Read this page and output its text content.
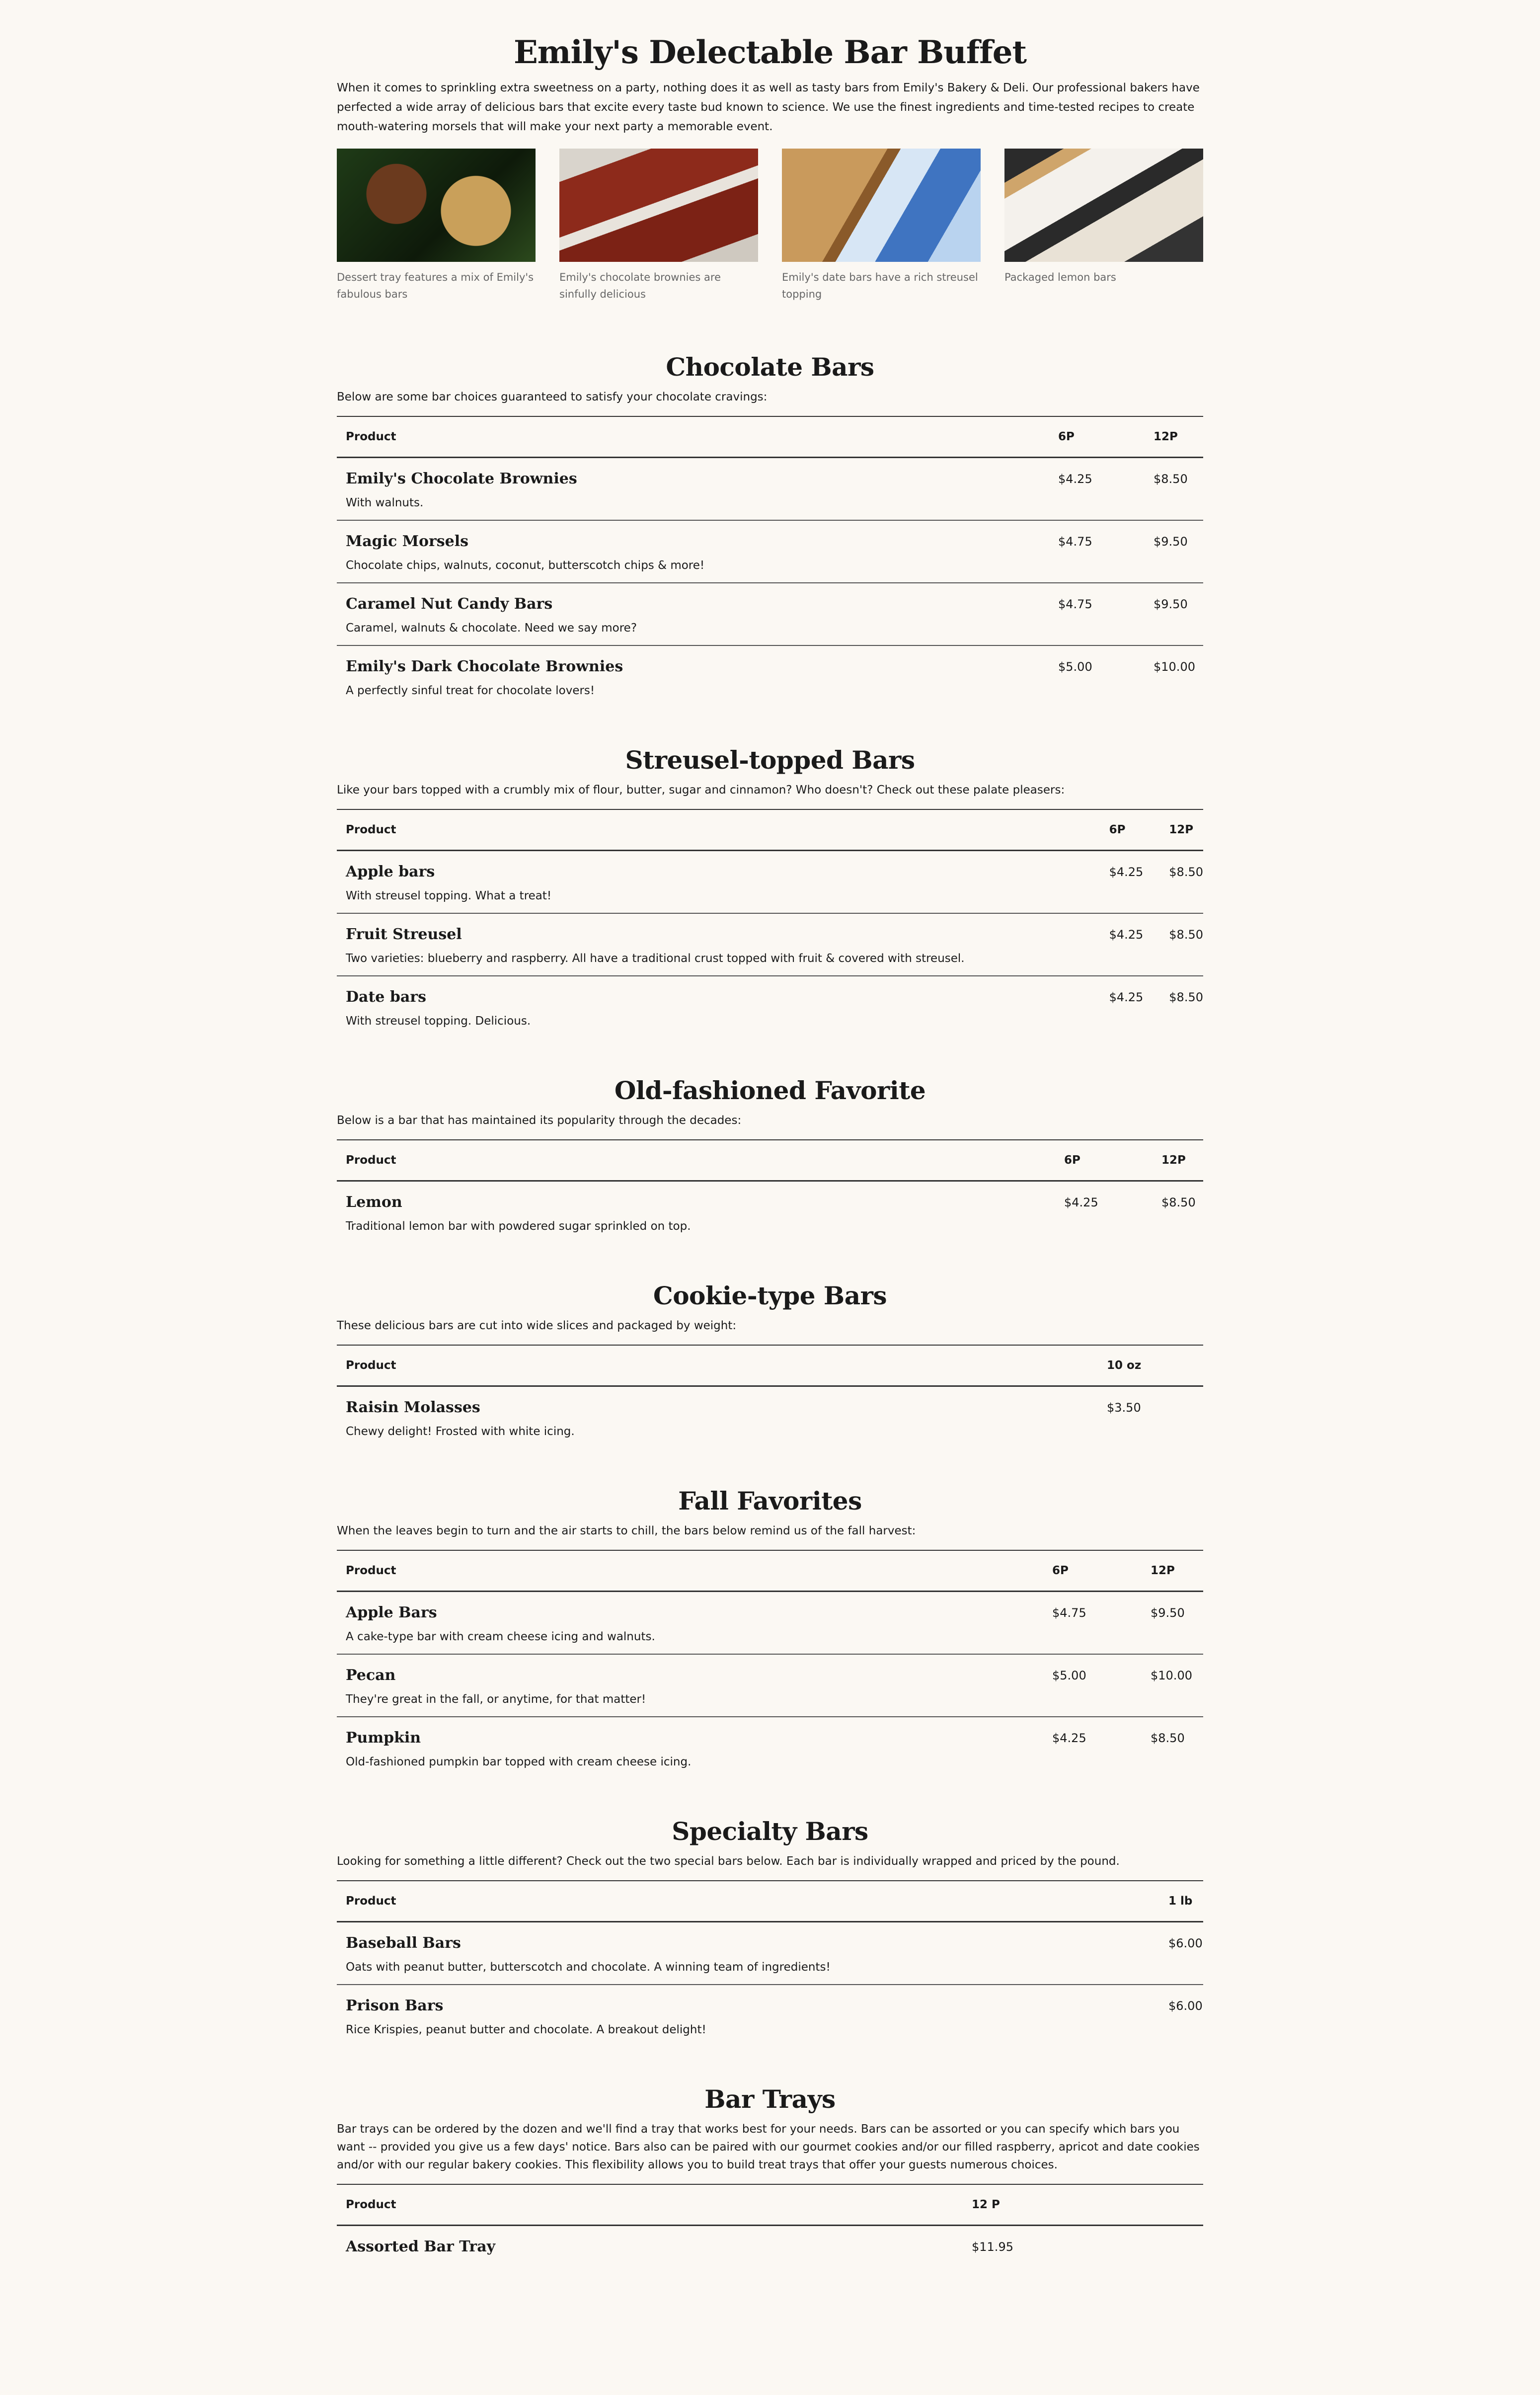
Emily's Delectable Bar Buffet

When it comes to sprinkling extra sweetness on a party, nothing does it as well as tasty bars from Emily's Bakery & Deli. Our professional bakers have perfected a wide array of delicious bars that excite every taste bud known to science. We use the finest ingredients and time-tested recipes to create mouth-watering morsels that will make your next party a memorable event.

Dessert tray features a mix of Emily's fabulous bars
Emily's chocolate brownies are sinfully delicious
Emily's date bars have a rich streusel topping
Packaged lemon bars
Chocolate Bars

Below are some bar choices guaranteed to satisfy your chocolate cravings:

Product	6P	12P

Emily's Chocolate Brownies
With walnuts.	$4.25	$8.50

Magic Morsels
Chocolate chips, walnuts, coconut, butterscotch chips & more!	$4.75	$9.50

Caramel Nut Candy Bars
Caramel, walnuts & chocolate. Need we say more?	$4.75	$9.50

Emily's Dark Chocolate Brownies
A perfectly sinful treat for chocolate lovers!	$5.00	$10.00
Streusel-topped Bars

Like your bars topped with a crumbly mix of flour, butter, sugar and cinnamon? Who doesn't? Check out these palate pleasers:

Product	6P	12P

Apple bars
With streusel topping. What a treat!	$4.25	$8.50

Fruit Streusel
Two varieties: blueberry and raspberry. All have a traditional crust topped with fruit & covered with streusel.	$4.25	$8.50

Date bars
With streusel topping. Delicious.	$4.25	$8.50
Old-fashioned Favorite

Below is a bar that has maintained its popularity through the decades:

Product	6P	12P

Lemon
Traditional lemon bar with powdered sugar sprinkled on top.	$4.25	$8.50
Cookie-type Bars

These delicious bars are cut into wide slices and packaged by weight:

Product	10 oz

Raisin Molasses
Chewy delight! Frosted with white icing.	$3.50
Fall Favorites

When the leaves begin to turn and the air starts to chill, the bars below remind us of the fall harvest:

Product	6P	12P

Apple Bars
A cake-type bar with cream cheese icing and walnuts.	$4.75	$9.50

Pecan
They're great in the fall, or anytime, for that matter!	$5.00	$10.00

Pumpkin
Old-fashioned pumpkin bar topped with cream cheese icing.	$4.25	$8.50
Specialty Bars

Looking for something a little different? Check out the two special bars below. Each bar is individually wrapped and priced by the pound.

Product	1 lb

Baseball Bars
Oats with peanut butter, butterscotch and chocolate. A winning team of ingredients!	$6.00

Prison Bars
Rice Krispies, peanut butter and chocolate. A breakout delight!	$6.00
Bar Trays

Bar trays can be ordered by the dozen and we'll find a tray that works best for your needs. Bars can be assorted or you can specify which bars you want -- provided you give us a few days' notice. Bars also can be paired with our gourmet cookies and/or our filled raspberry, apricot and date cookies and/or with our regular bakery cookies. This flexibility allows you to build treat trays that offer your guests numerous choices.

Product	12 P

Assorted Bar Tray	$11.95
